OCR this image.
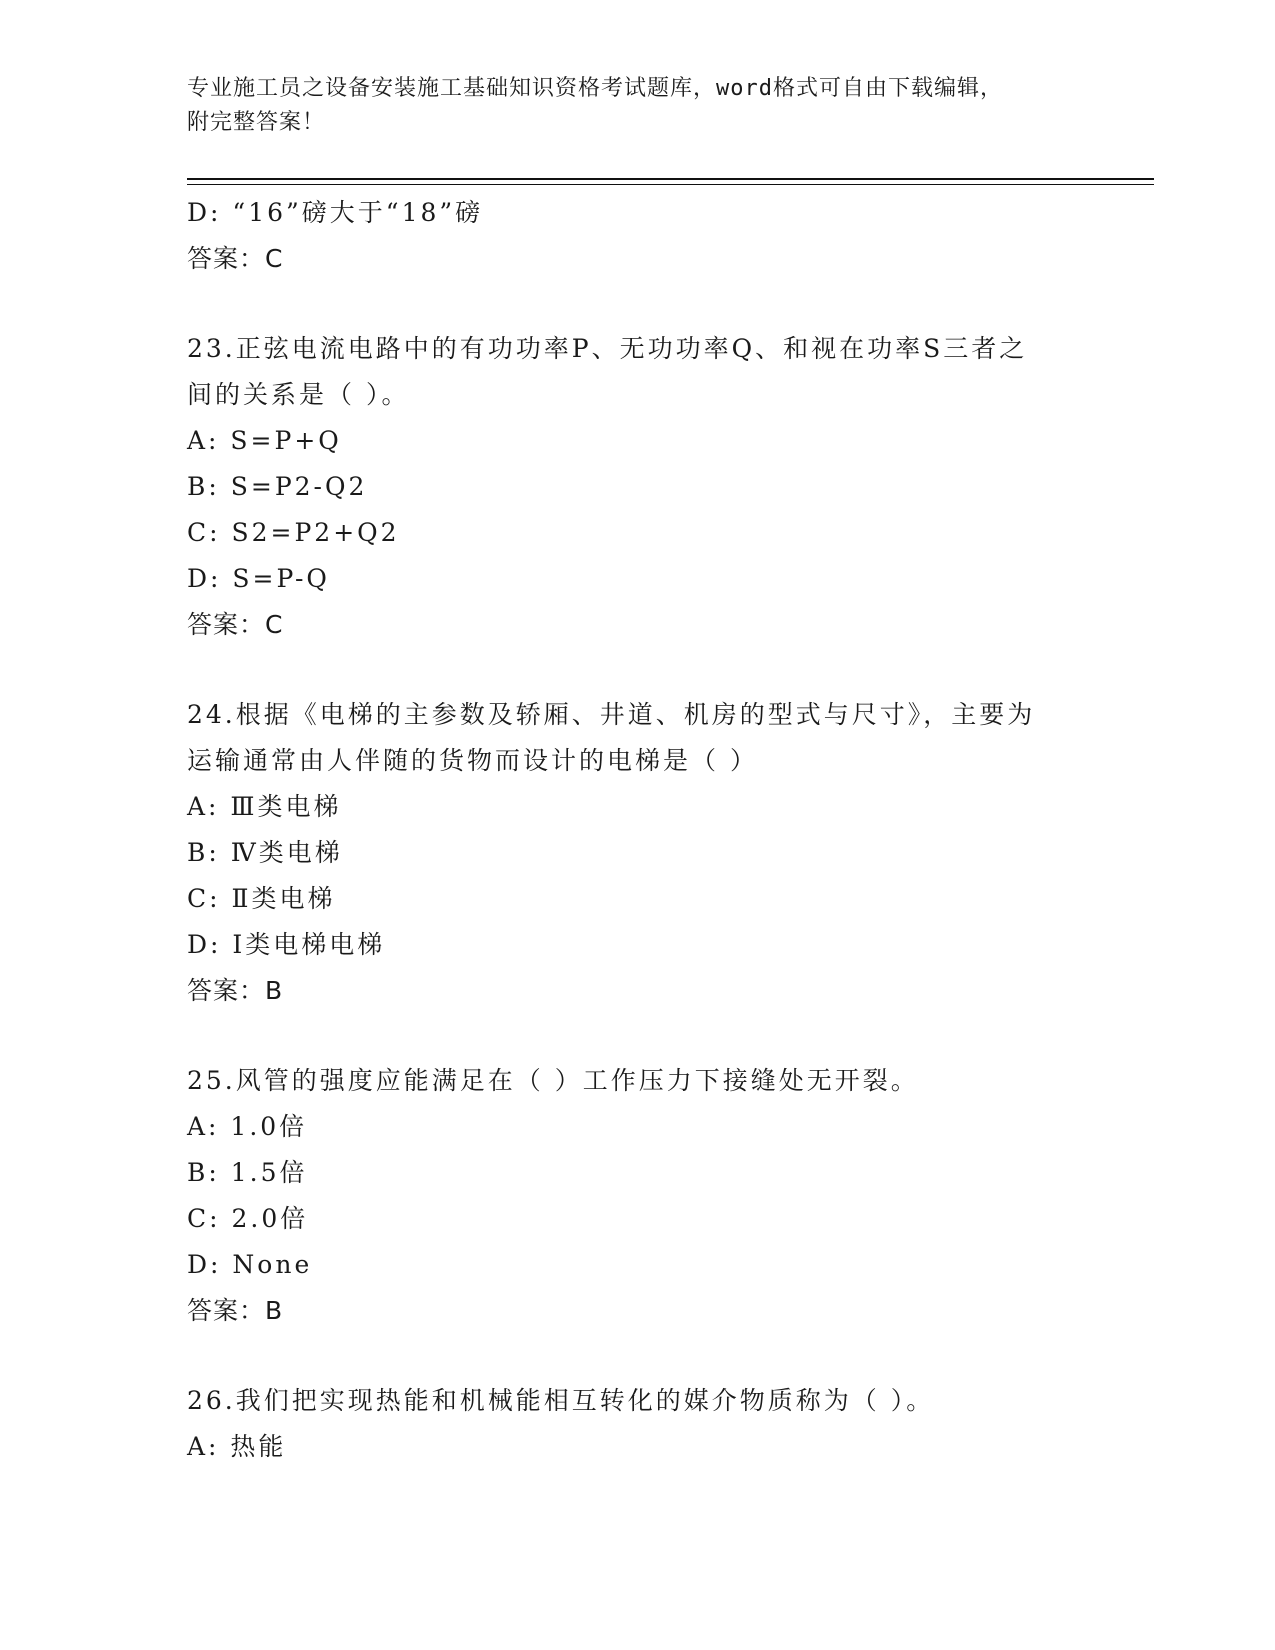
专业施工员之设备安装施工基础知识资格考试题库，word格式可自由下载编辑，
附完整答案！
D: “16”磅大于“18”磅
答案：C
23.正弦电流电路中的有功功率P、无功功率Q、和视在功率S三者之
间的关系是（ ）。
A: S=P+Q
B: S=P2-Q2
C: S2=P2+Q2
D: S=P-Q
答案：C
24.根据《电梯的主参数及轿厢、井道、机房的型式与尺寸》，主要为
运输通常由人伴随的货物而设计的电梯是（ ）
A: Ⅲ类电梯
B: Ⅳ类电梯
C: Ⅱ类电梯
D: Ⅰ类电梯电梯
答案：B
25.风管的强度应能满足在（ ）工作压力下接缝处无开裂。
A: 1.0倍
B: 1.5倍
C: 2.0倍
D: None
答案：B
26.我们把实现热能和机械能相互转化的媒介物质称为（ ）。
A: 热能
